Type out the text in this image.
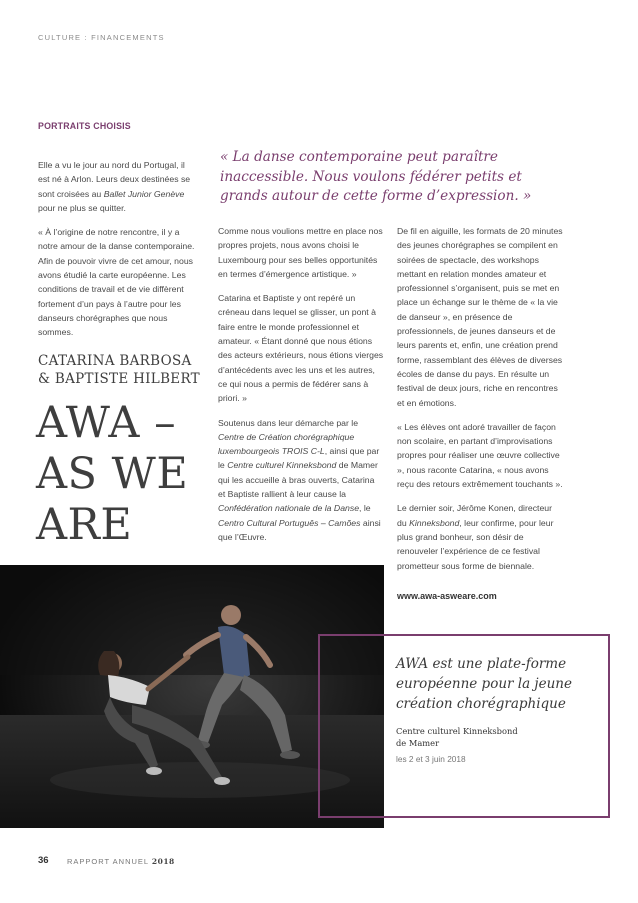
CULTURE : FINANCEMENTS
PORTRAITS CHOISIS

Elle a vu le jour au nord du Portugal, il est né à Arlon. Leurs deux destinées se sont croisées au Ballet Junior Genève pour ne plus se quitter.

« À l’origine de notre rencontre, il y a notre amour de la danse contemporaine. Afin de pouvoir vivre de cet amour, nous avons étudié la carte européenne. Les conditions de travail et de vie diffèrent fortement d’un pays à l’autre pour les danseurs chorégraphes que nous sommes.

CATARINA BARBOSA
& BAPTISTE HILBERT
AWA –
AS WE
ARE
« La danse contemporaine peut paraître inaccessible. Nous voulons fédérer petits et grands autour de cette forme d’expression. »

Comme nous voulions mettre en place nos propres projets, nous avons choisi le Luxembourg pour ses belles opportunités en termes d’émergence artistique. »

Catarina et Baptiste y ont repéré un créneau dans lequel se glisser, un pont à faire entre le monde professionnel et amateur. « Étant donné que nous étions des acteurs extérieurs, nous étions vierges d’antécédents avec les uns et les autres, ce qui nous a permis de fédérer sans à priori. »

Soutenus dans leur démarche par le Centre de Création chorégraphique luxembourgeois TROIS C-L, ainsi que par le Centre culturel Kinneksbond de Mamer qui les accueille à bras ouverts, Catarina et Baptiste rallient à leur cause la Confédération nationale de la Danse, le Centro Cultural Português – Camões ainsi que l’Œuvre.

De fil en aiguille, les formats de 20 minutes des jeunes chorégraphes se compilent en soirées de spectacle, des workshops mettant en relation mondes amateur et professionnel s’organisent, puis se met en place un échange sur le thème de « la vie de danseur », en présence de professionnels, de jeunes danseurs et de leurs parents et, enfin, une création prend forme, rassemblant des élèves de diverses écoles de danse du pays. En résulte un festival de deux jours, riche en rencontres et en émotions.

« Les élèves ont adoré travailler de façon non scolaire, en partant d’improvisations propres pour réaliser une œuvre collective », nous raconte Catarina, « nous avons reçu des retours extrêmement touchants ».

Le dernier soir, Jérôme Konen, directeur du Kinneksbond, leur confirme, pour leur plus grand bonheur, son désir de renouveler l’expérience de ce festival prometteur sous forme de biennale.

www.awa-asweare.com
AWA est une plate-forme européenne pour la jeune création chorégraphique
Centre culturel Kinneksbond
de Mamer
les 2 et 3 juin 2018
36 RAPPORT ANNUEL 2018
